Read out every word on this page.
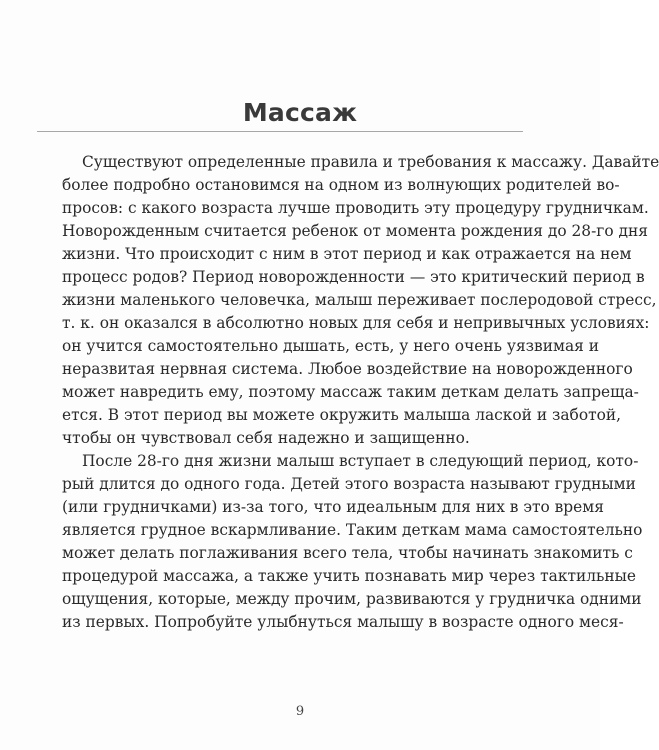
Массаж
Существуют определенные правила и требования к массажу. Давайте
более подробно остановимся на одном из волнующих родителей во-
просов: с какого возраста лучше проводить эту процедуру грудничкам.
Новорожденным считается ребенок от момента рождения до 28-го дня
жизни. Что происходит с ним в этот период и как отражается на нем
процесс родов? Период новорожденности — это критический период в
жизни маленького человечка, малыш переживает послеродовой стресс,
т. к. он оказался в абсолютно новых для себя и непривычных условиях:
он учится самостоятельно дышать, есть, у него очень уязвимая и
неразвитая нервная система. Любое воздействие на новорожденного
может навредить ему, поэтому массаж таким деткам делать запреща-
ется. В этот период вы можете окружить малыша лаской и заботой,
чтобы он чувствовал себя надежно и защищенно.
После 28-го дня жизни малыш вступает в следующий период, кото-
рый длится до одного года. Детей этого возраста называют грудными
(или грудничками) из-за того, что идеальным для них в это время
является грудное вскармливание. Таким деткам мама самостоятельно
может делать поглаживания всего тела, чтобы начинать знакомить с
процедурой массажа, а также учить познавать мир через тактильные
ощущения, которые, между прочим, развиваются у грудничка одними
из первых. Попробуйте улыбнуться малышу в возрасте одного меся-
9
